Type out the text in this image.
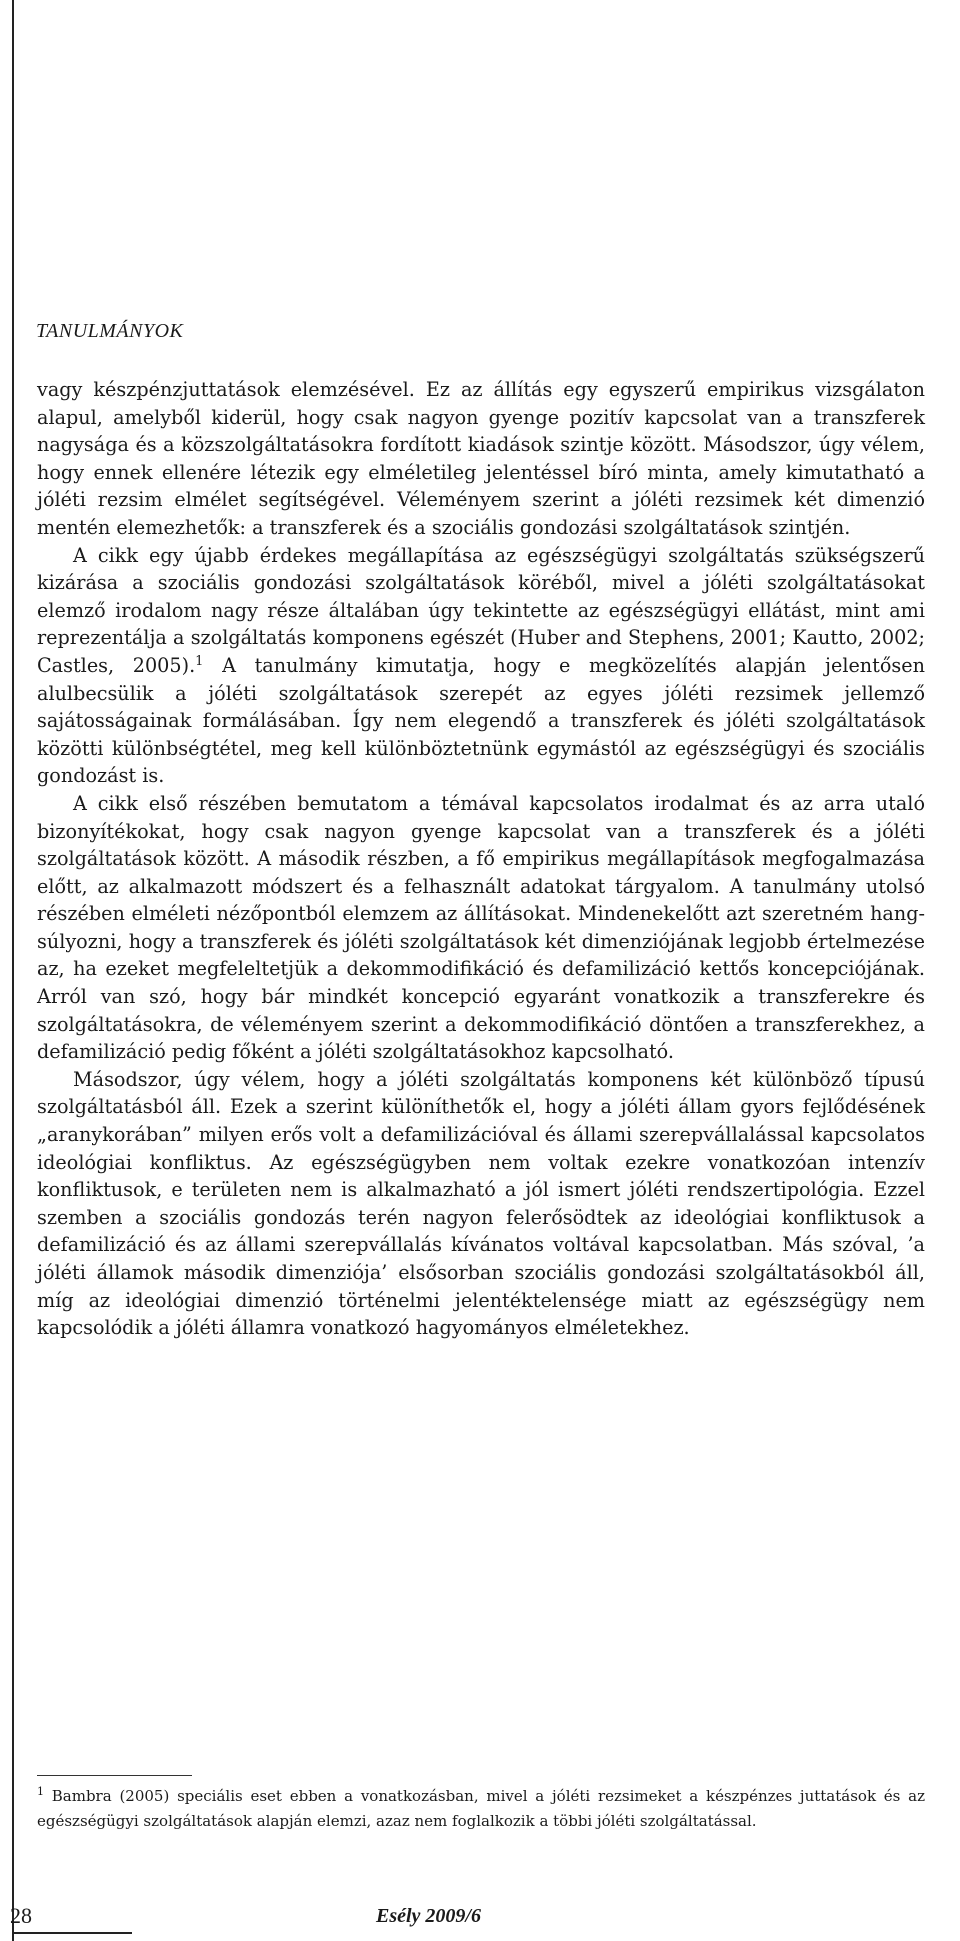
TANULMÁNYOK

vagy készpénzjuttatások elemzésével. Ez az állítás egy egyszerű empirikus vizsgálaton alapul, amelyből kiderül, hogy csak nagyon gyenge pozitív kapcsolat van a transzferek nagysága és a közszolgáltatásokra fordított kiadások szintje között. Másodszor, úgy vélem, hogy ennek ellenére létezik egy elméletileg jelentéssel bíró minta, amely kimutatható a jóléti rezsim elmélet segítségével. Véleményem szerint a jóléti rezsimek két dimenzió mentén elemezhetők: a transzferek és a szociális gondozási szolgáltatások szintjén.

A cikk egy újabb érdekes megállapítása az egészségügyi szolgáltatás szükségszerű kizárása a szociális gondozási szolgáltatások köréből, mivel a jóléti szolgáltatásokat elemző irodalom nagy része általában úgy tekintette az egészségügyi ellátást, mint ami reprezentálja a szolgáltatás komponens egészét (Huber and Stephens, 2001; Kautto, 2002; Castles, 2005).$^1$ A tanulmány kimutatja, hogy e megközelítés alapján jelentősen alulbecsülik a jóléti szolgáltatások szerepét az egyes jóléti rezsimek jellemző sajátosságainak formálásában. Így nem elegendő a transzferek és jóléti szolgáltatások közötti különbségtétel, meg kell különböztetnünk egymástól az egészségügyi és szociális gondozást is.

A cikk első részében bemutatom a témával kapcsolatos irodalmat és az arra utaló bizonyítékokat, hogy csak nagyon gyenge kapcsolat van a transzferek és a jóléti szolgáltatások között. A második részben, a fő empirikus megállapítások megfogalmazása előtt, az alkalmazott módszert és a felhasznált adatokat tárgyalom. A tanulmány utolsó részében elméleti nézőpontból elemzem az állításokat. Mindenekelőtt azt szeretném hangsúlyozni, hogy a transzferek és jóléti szolgáltatások két dimenziójának legjobb értelmezése az, ha ezeket megfeleltetjük a dekommodifikáció és defamilizáció kettős koncepciójának. Arról van szó, hogy bár mindkét koncepció egyaránt vonatkozik a transzferekre és szolgáltatásokra, de véleményem szerint a dekommodifikáció döntően a transzferekhez, a defamilizáció pedig főként a jóléti szolgáltatásokhoz kapcsolható.

Másodszor, úgy vélem, hogy a jóléti szolgáltatás komponens két különböző típusú szolgáltatásból áll. Ezek a szerint különíthetők el, hogy a jóléti állam gyors fejlődésének „aranykorában” milyen erős volt a defamilizációval és állami szerepvállalással kapcsolatos ideológiai konfliktus. Az egészségügyben nem voltak ezekre vonatkozóan intenzív konfliktusok, e területen nem is alkalmazható a jól ismert jóléti rendszertipológia. Ezzel szemben a szociális gondozás terén nagyon felerősödtek az ideológiai konfliktusok a defamilizáció és az állami szerepvállalás kívánatos voltával kapcsolatban. Más szóval, ’a jóléti államok második dimenziója’ elsősorban szociális gondozási szolgáltatásokból áll, míg az ideológiai dimenzió történelmi jelentéktelensége miatt az egészségügy nem kapcsolódik a jóléti államra vonatkozó hagyományos elméletekhez.

$^1$ Bambra (2005) speciális eset ebben a vonatkozásban, mivel a jóléti rezsimeket a készpénzes juttatások és az egészségügyi szolgáltatások alapján elemzi, azaz nem foglalkozik a többi jóléti szolgáltatással.
28	Esély 2009/6
